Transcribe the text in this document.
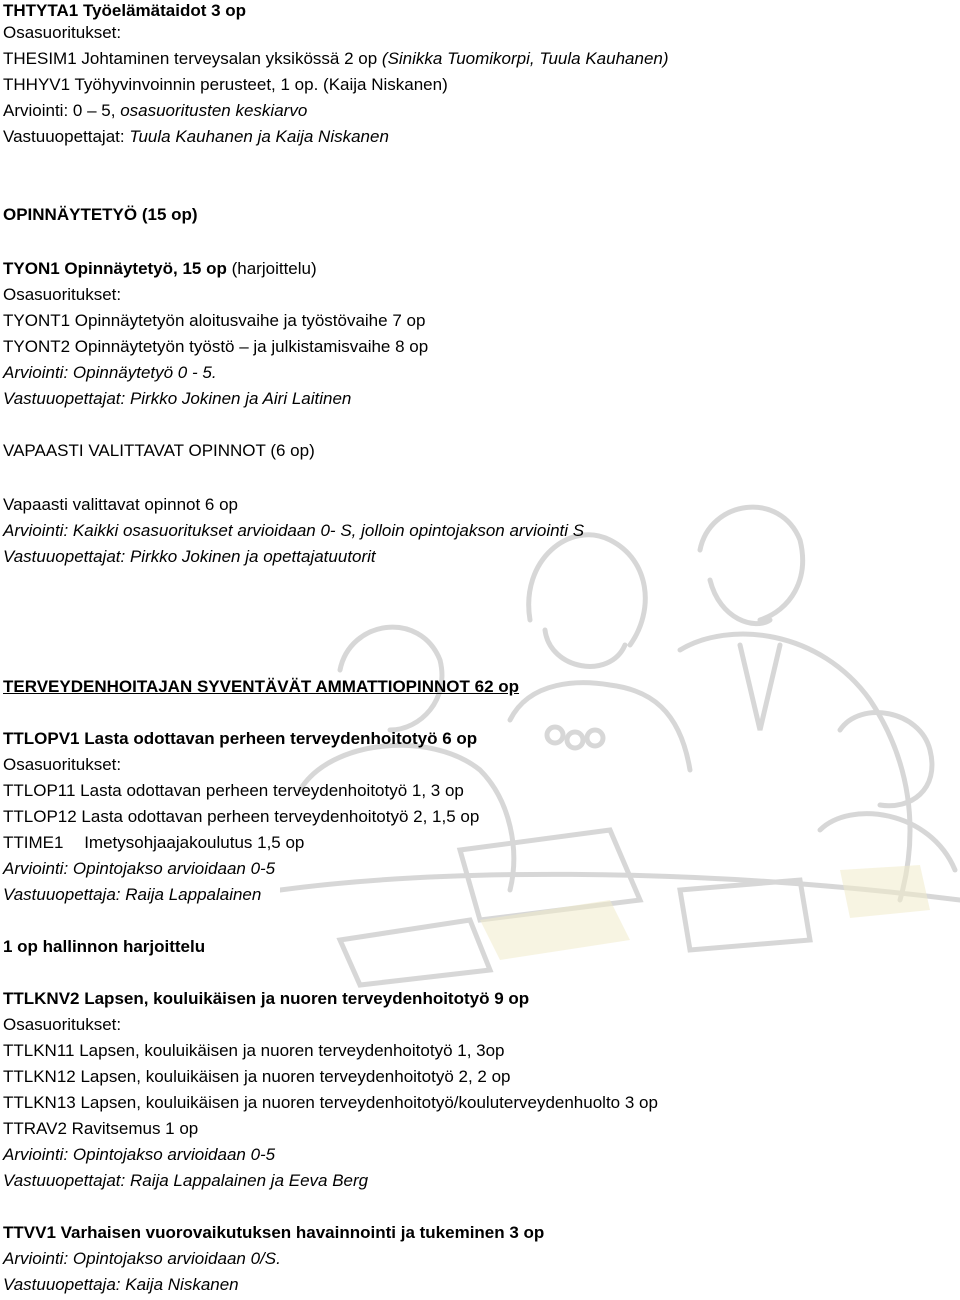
THTYTA1 Työelämätaidot 3 op
Osasuoritukset:
THESIM1 Johtaminen terveysalan yksikössä 2 op (Sinikka Tuomikorpi, Tuula Kauhanen)
THHYV1 Työhyvinvoinnin perusteet, 1 op. (Kaija Niskanen)
Arviointi: 0 – 5, osasuoritusten keskiarvo
Vastuuopettajat: Tuula Kauhanen ja Kaija Niskanen
OPINNÄYTETYÖ (15 op)
TYON1 Opinnäytetyö, 15 op (harjoittelu)
Osasuoritukset:
TYONT1 Opinnäytetyön aloitusvaihe ja työstövaihe 7 op
TYONT2 Opinnäytetyön työstö – ja julkistamisvaihe 8 op
Arviointi: Opinnäytetyö 0 - 5.
Vastuuopettajat: Pirkko Jokinen ja Airi Laitinen
VAPAASTI VALITTAVAT OPINNOT (6 op)
Vapaasti valittavat opinnot 6 op
Arviointi: Kaikki osasuoritukset arvioidaan 0- S, jolloin opintojakson arviointi S
Vastuuopettajat: Pirkko Jokinen ja opettajatuutorit
TERVEYDENHOITAJAN SYVENTÄVÄT AMMATTIOPINNOT 62 op
TTLOPV1 Lasta odottavan perheen terveydenhoitotyö 6 op
Osasuoritukset:
TTLOP11 Lasta odottavan perheen terveydenhoitotyö 1, 3 op
TTLOP12 Lasta odottavan perheen terveydenhoitotyö 2, 1,5 op
TTIME1 Imetysohjaajakoulutus 1,5 op
Arviointi: Opintojakso arvioidaan 0-5
Vastuuopettaja: Raija Lappalainen
1 op hallinnon harjoittelu
TTLKNV2 Lapsen, kouluikäisen ja nuoren terveydenhoitotyö 9 op
Osasuoritukset:
TTLKN11 Lapsen, kouluikäisen ja nuoren terveydenhoitotyö 1, 3op
TTLKN12 Lapsen, kouluikäisen ja nuoren terveydenhoitotyö 2, 2 op
TTLKN13 Lapsen, kouluikäisen ja nuoren terveydenhoitotyö/kouluterveydenhuolto 3 op
TTRAV2 Ravitsemus 1 op
Arviointi: Opintojakso arvioidaan 0-5
Vastuuopettajat: Raija Lappalainen ja Eeva Berg
TTVV1 Varhaisen vuorovaikutuksen havainnointi ja tukeminen 3 op
Arviointi: Opintojakso arvioidaan 0/S.
Vastuuopettaja: Kaija Niskanen
